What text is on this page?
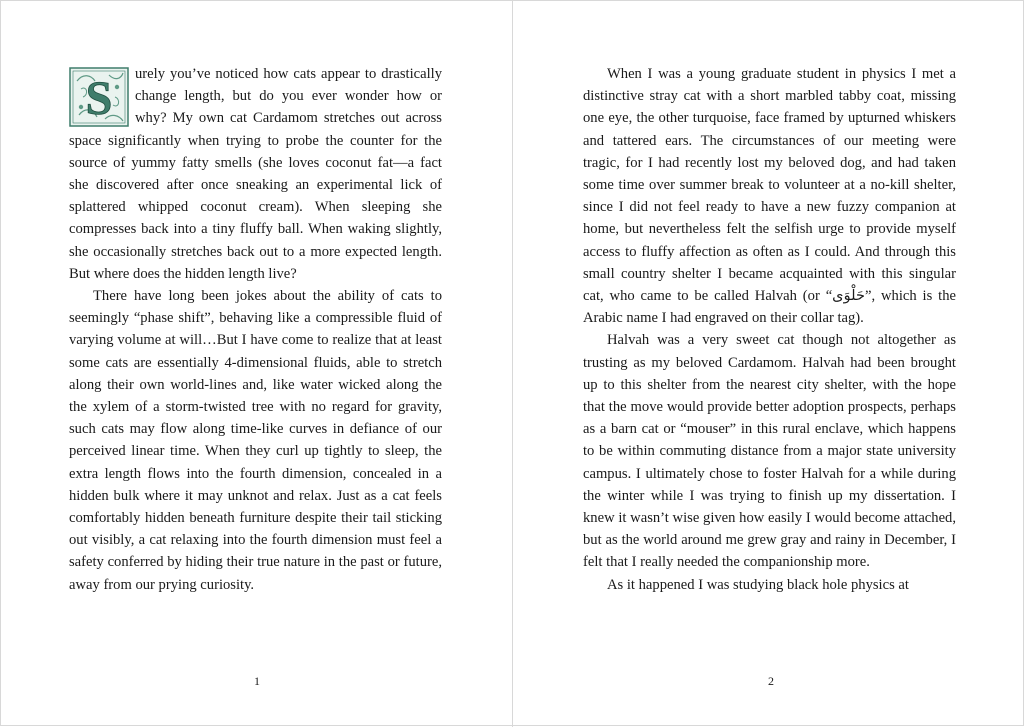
S urely you’ve noticed how cats appear to drastically change length, but do you ever wonder how or why? My own cat Cardamom stretches out across space significantly when trying to probe the counter for the source of yummy fatty smells (she loves coconut fat—a fact she discovered after once sneaking an experimental lick of splattered whipped coconut cream). When sleeping she compresses back into a tiny fluffy ball. When waking slightly, she occasionally stretches back out to a more expected length. But where does the hidden length live?

There have long been jokes about the ability of cats to seemingly “phase shift”, behaving like a compressible fluid of varying volume at will…But I have come to realize that at least some cats are essentially 4-dimensional fluids, able to stretch along their own world-lines and, like water wicked along the the xylem of a storm-twisted tree with no regard for gravity, such cats may flow along time-like curves in defiance of our perceived linear time. When they curl up tightly to sleep, the extra length flows into the fourth dimension, concealed in a hidden bulk where it may unknot and relax. Just as a cat feels comfortably hidden beneath furniture despite their tail sticking out visibly, a cat relaxing into the fourth dimension must feel a safety conferred by hiding their true nature in the past or future, away from our prying curiosity.

1

When I was a young graduate student in physics I met a distinctive stray cat with a short marbled tabby coat, missing one eye, the other turquoise, face framed by upturned whiskers and tattered ears. The circumstances of our meeting were tragic, for I had recently lost my beloved dog, and had taken some time over summer break to volunteer at a no-kill shelter, since I did not feel ready to have a new fuzzy companion at home, but nevertheless felt the selfish urge to provide myself access to fluffy affection as often as I could. And through this small country shelter I became acquainted with this singular cat, who came to be called Halvah (or “حَلْوَى”, which is the Arabic name I had engraved on their collar tag).

Halvah was a very sweet cat though not altogether as trusting as my beloved Cardamom. Halvah had been brought up to this shelter from the nearest city shelter, with the hope that the move would provide better adoption prospects, perhaps as a barn cat or “mouser” in this rural enclave, which happens to be within commuting distance from a major state university campus. I ultimately chose to foster Halvah for a while during the winter while I was trying to finish up my dissertation. I knew it wasn’t wise given how easily I would become attached, but as the world around me grew gray and rainy in December, I felt that I really needed the companionship more.

As it happened I was studying black hole physics at

2
